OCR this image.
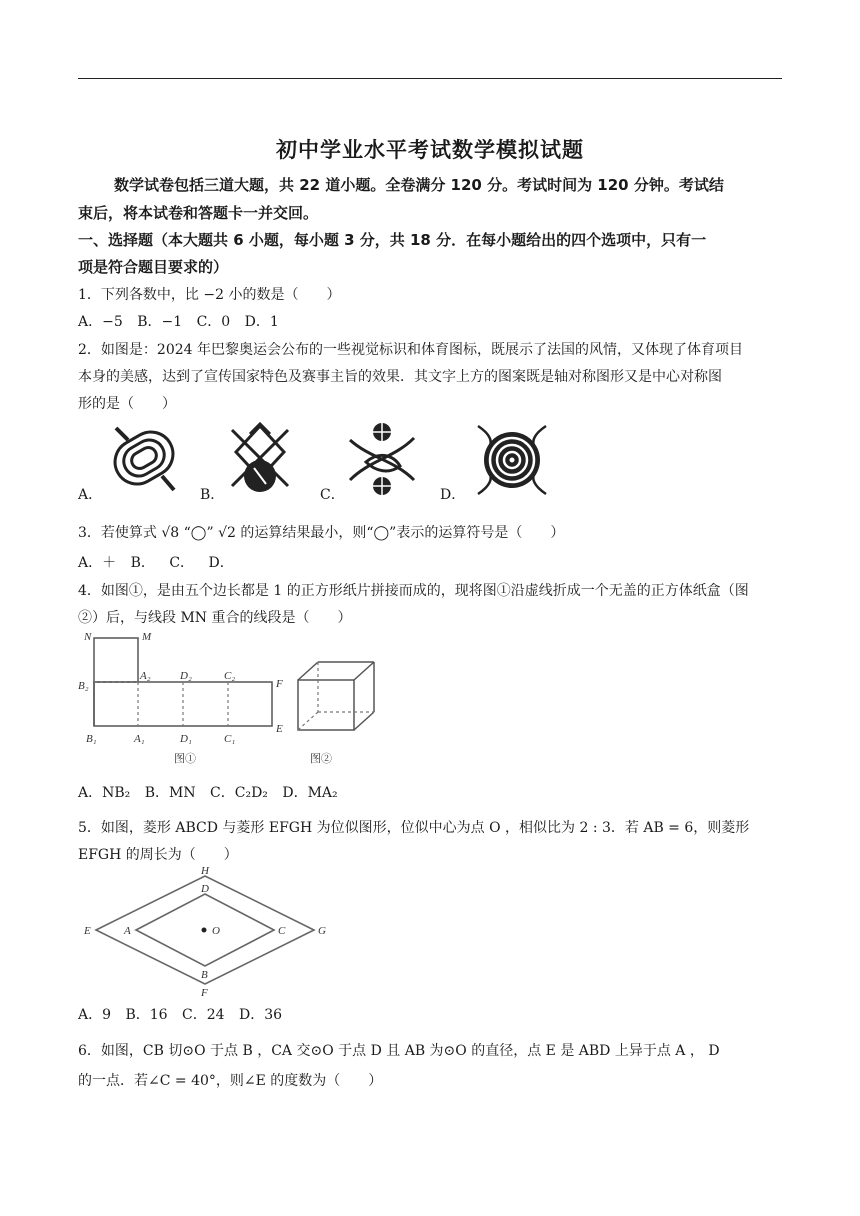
初中学业水平考试数学模拟试题
数学试卷包括三道大题，共 22 道小题。全卷满分 120 分。考试时间为 120 分钟。考试结
束后，将本试卷和答题卡一并交回。
一、选择题（本大题共 6 小题，每小题 3 分，共 18 分．在每小题给出的四个选项中，只有一
项是符合题目要求的）
1．下列各数中，比 −2 小的数是（　　）
A．−5 B．−1 C．0 D．1
2．如图是：2024 年巴黎奥运会公布的一些视觉标识和体育图标，既展示了法国的风情，又体现了体育项目
本身的美感，达到了宣传国家特色及赛事主旨的效果．其文字上方的图案既是轴对称图形又是中心对称图
形的是（　　）
A．	B．	C．	D．
3．若使算式 √8 “◯” √2 的运算结果最小，则“◯”表示的运算符号是（　　）
A．＋ B． C． D．
4．如图①，是由五个边长都是 1 的正方形纸片拼接而成的，现将图①沿虚线折成一个无盖的正方体纸盒（图
②）后，与线段 MN 重合的线段是（　　）
N	M
A₂	D₂	C₂
B₂	F
E
B₁	A₁	D₁	C₁
图①	图②
A．NB₂ B．MN C．C₂D₂ D．MA₂
5．如图，菱形 ABCD 与菱形 EFGH 为位似图形，位似中心为点 O ，相似比为 2 : 3．若 AB = 6，则菱形
EFGH 的周长为（　　）
H
D
E	A	O	C	G
B
F
A．9 B．16 C．24 D．36
6．如图，CB 切⊙O 于点 B ，CA 交⊙O 于点 D 且 AB 为⊙O 的直径，点 E 是 ABD 上异于点 A ， D
的一点．若∠C = 40°，则∠E 的度数为（　　）
